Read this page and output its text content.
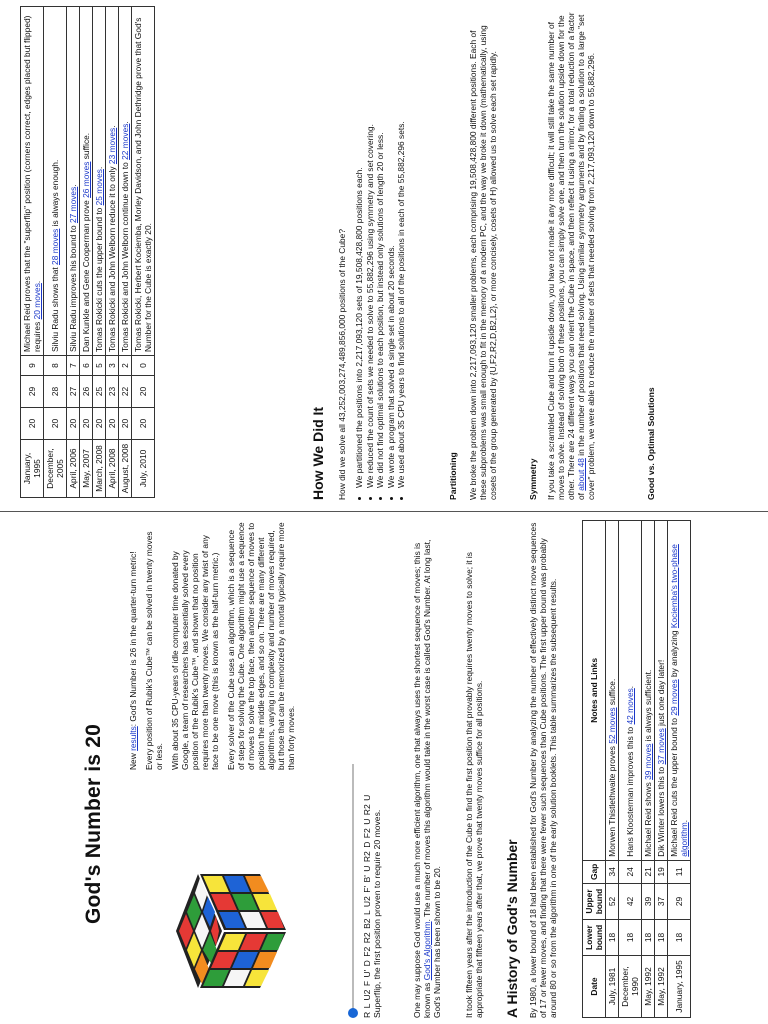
God's Number is 20	R L U2 F U' D F2 R2 B2 L U2 F' B' U R2 D F2 U R2 U Superflip, the first position proven to require 20 moves.

New results: God's Number is 26 in the quarter-turn metric! Every position of Rubik's Cube™ can be solved in twenty moves or less. With about 35 CPU-years of idle computer time donated by Google, a team of researchers has essentially solved every position of the Rubik's Cube™, and shown that no position requires more than twenty moves. We consider any twist of any face to be one move (this is known as the half-turn metric.) Every solver of the Cube uses an algorithm, which is a sequence of steps for solving the Cube. One algorithm might use a sequence of moves to solve the top face, then another sequence of moves to position the middle edges, and so on. There are many different algorithms, varying in complexity and number of moves required, but those that can be memorized by a mortal typically require more than forty moves.	One may suppose God would use a much more efficient algorithm, one that always uses the shortest sequence of moves; this is known as God's Algorithm. The number of moves this algorithm would take in the worst case is called God's Number. At long last, God's Number has been shown to be 20.	It took fifteen years after the introduction of the Cube to find the first position that provably requires twenty moves to solve; it is appropriate that fifteen years after that, we prove that twenty moves suffice for all positions. A History of God's Number By 1980, a lower bound of 18 had been established for God's Number by analyzing the number of effectively distinct move sequences of 17 or fewer moves, and finding that there were fewer such sequences than Cube positions. The first upper bound was probably around 80 or so from the algorithm in one of the early solution booklets. This table summarizes the subsequent results.	Date	Lower bound	Upper bound	Gap	Notes and Links
July, 1981	18	52	34	Morwen Thistlethwaite proves 52 moves suffice.
December, 1990	18	42	24	Hans Kloosterman improves this to 42 moves.
May, 1992	18	39	21	Michael Reid shows 39 moves is always sufficient.
May, 1992	18	37	19	Dik Winter lowers this to 37 moves just one day later!
January, 1995	18	29	11	Michael Reid cuts the upper bound to 29 moves by analyzing Kociemba's two-phase algorithm.
January, 1995	20	29	9	Michael Reid proves that the "superflip" position (corners correct, edges placed but flipped) requires 20 moves.
December, 2005	20	28	8	Silviu Radu shows that 28 moves is always enough.
April, 2006	20	27	7	Silviu Radu improves his bound to 27 moves.
May, 2007	20	26	6	Dan Kunkle and Gene Cooperman prove 26 moves suffice.
March, 2008	20	25	5	Tomas Rokicki cuts the upper bound to 25 moves.
April, 2008	20	23	3	Tomas Rokicki and John Welborn reduce it to only 23 moves.
August, 2008	20	22	2	Tomas Rokicki and John Welborn continue down to 22 moves.
July, 2010	20	20	0	Tomas Rokicki, Herbert Kociemba, Morley Davidson, and John Dethridge prove that God's Number for the Cube is exactly 20.
How We Did It How did we solve all 43,252,003,274,489,856,000 positions of the Cube? • We partitioned the positions into 2,217,093,120 sets of 19,508,428,800 positions each. • We reduced the count of sets we needed to solve to 55,882,296 using symmetry and set covering. • We did not find optimal solutions to each position, but instead only solutions of length 20 or less. • We wrote a program that solved a single set in about 20 seconds. • We used about 35 CPU years to find solutions to all of the positions in each of the 55,882,296 sets.	Partitioning We broke the problem down into 2,217,093,120 smaller problems, each comprising 19,508,428,800 different positions. Each of these subproblems was small enough to fit in the memory of a modern PC, and the way we broke it down (mathematically, using cosets of the group generated by {U,F2,R2,D,B2,L2}, or more concisely, cosets of H) allowed us to solve each set rapidly.	Symmetry If you take a scrambled Cube and turn it upside down, you have not made it any more difficult; it will still take the same number of moves to solve. Instead of solving both of these positions, you can simply solve one, and then turn the solution upside down for the other. There are 24 different ways you can orient the Cube in space, and then reflect it using a mirror, for a total reduction of a factor of about 48 in the number of positions that need solving. Using similar symmetry arguments and by finding a solution to a large "set cover" problem, we were able to reduce the number of sets that needed solving from 2,217,093,120 down to 55,882,296.	Good vs. Optimal Solutions
